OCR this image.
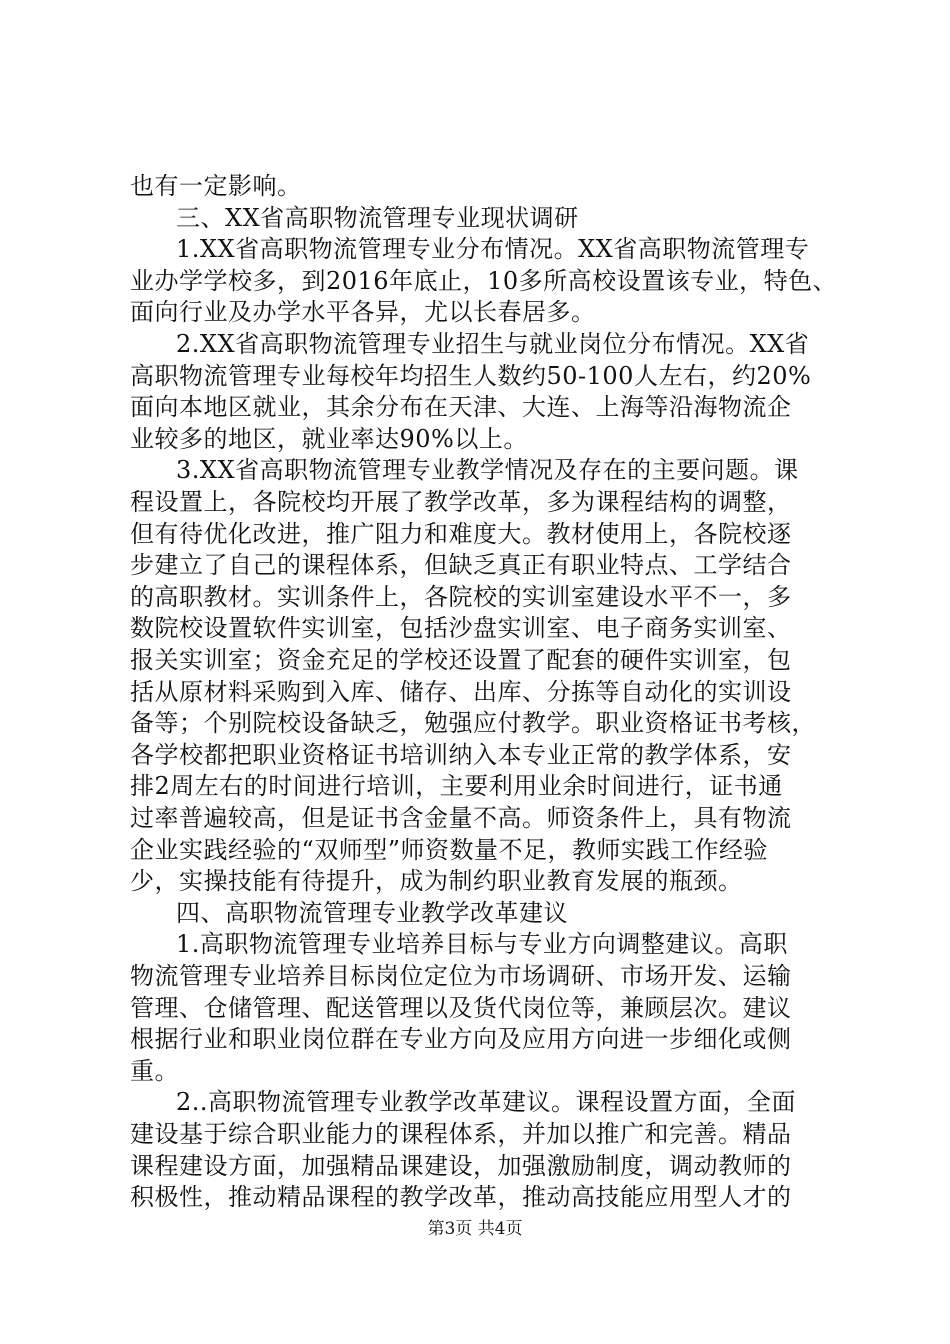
也有一定影响。
三、XX省高职物流管理专业现状调研
1.XX省高职物流管理专业分布情况。XX省高职物流管理专
业办学学校多，到2016年底止，10多所高校设置该专业，特色、
面向行业及办学水平各异，尤以长春居多。
2.XX省高职物流管理专业招生与就业岗位分布情况。XX省
高职物流管理专业每校年均招生人数约50-100人左右，约20%
面向本地区就业，其余分布在天津、大连、上海等沿海物流企
业较多的地区，就业率达90%以上。
3.XX省高职物流管理专业教学情况及存在的主要问题。课
程设置上，各院校均开展了教学改革，多为课程结构的调整，
但有待优化改进，推广阻力和难度大。教材使用上，各院校逐
步建立了自己的课程体系，但缺乏真正有职业特点、工学结合
的高职教材。实训条件上，各院校的实训室建设水平不一，多
数院校设置软件实训室，包括沙盘实训室、电子商务实训室、
报关实训室；资金充足的学校还设置了配套的硬件实训室，包
括从原材料采购到入库、储存、出库、分拣等自动化的实训设
备等；个别院校设备缺乏，勉强应付教学。职业资格证书考核，
各学校都把职业资格证书培训纳入本专业正常的教学体系，安
排2周左右的时间进行培训，主要利用业余时间进行，证书通
过率普遍较高，但是证书含金量不高。师资条件上，具有物流
企业实践经验的“双师型”师资数量不足，教师实践工作经验
少，实操技能有待提升，成为制约职业教育发展的瓶颈。
四、高职物流管理专业教学改革建议
1.高职物流管理专业培养目标与专业方向调整建议。高职
物流管理专业培养目标岗位定位为市场调研、市场开发、运输
管理、仓储管理、配送管理以及货代岗位等，兼顾层次。建议
根据行业和职业岗位群在专业方向及应用方向进一步细化或侧
重。
2..高职物流管理专业教学改革建议。课程设置方面，全面
建设基于综合职业能力的课程体系，并加以推广和完善。精品
课程建设方面，加强精品课建设，加强激励制度，调动教师的
积极性，推动精品课程的教学改革，推动高技能应用型人才的
第3页 共4页
